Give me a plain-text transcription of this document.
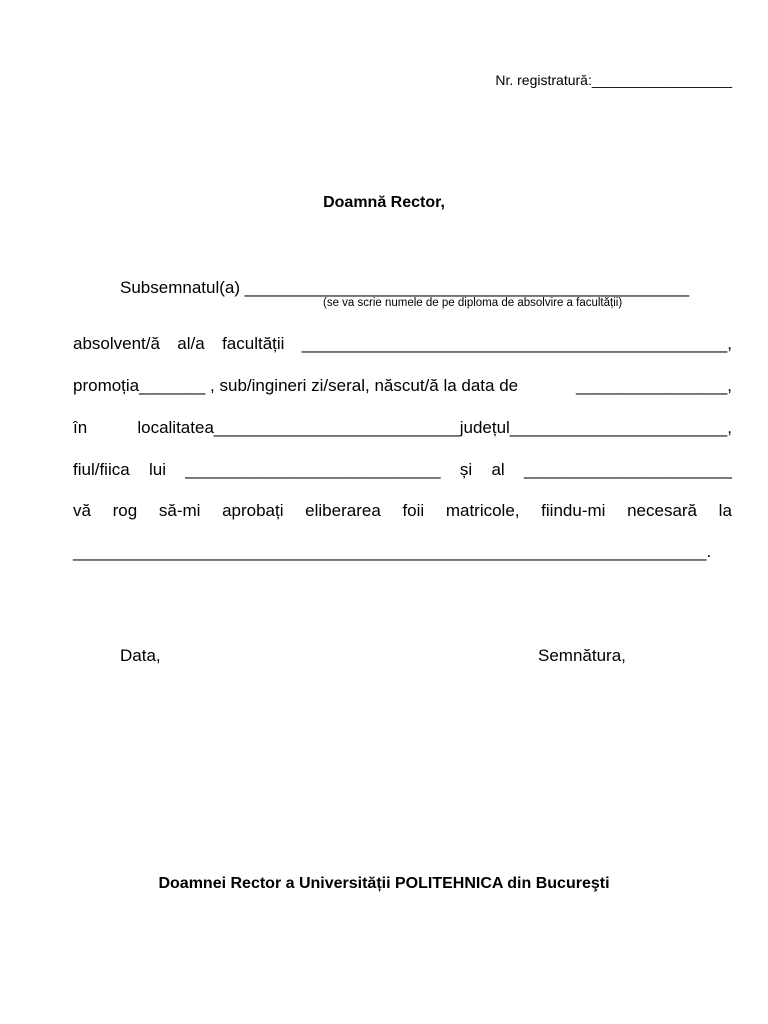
Nr. registratură:__________________
Doamnă Rector,
Subsemnatul(a) _______________________________________________
absolvent/ă al/a facultății _____________________________________________,
promoția_______ , sub/ingineri zi/seral, născut/ă la data de	________________,
în	localitatea__________________________județul_______________________,
fiul/fiica lui ___________________________ și al ______________________
vă rog să-mi aprobați eliberarea foii matricole, fiindu-mi necesară la
___________________________________________________________________.
(se va scrie numele de pe diploma de absolvire a facultății)
Data,	Semnătura,
Doamnei Rector a Universității POLITEHNICA din Bucureşti
